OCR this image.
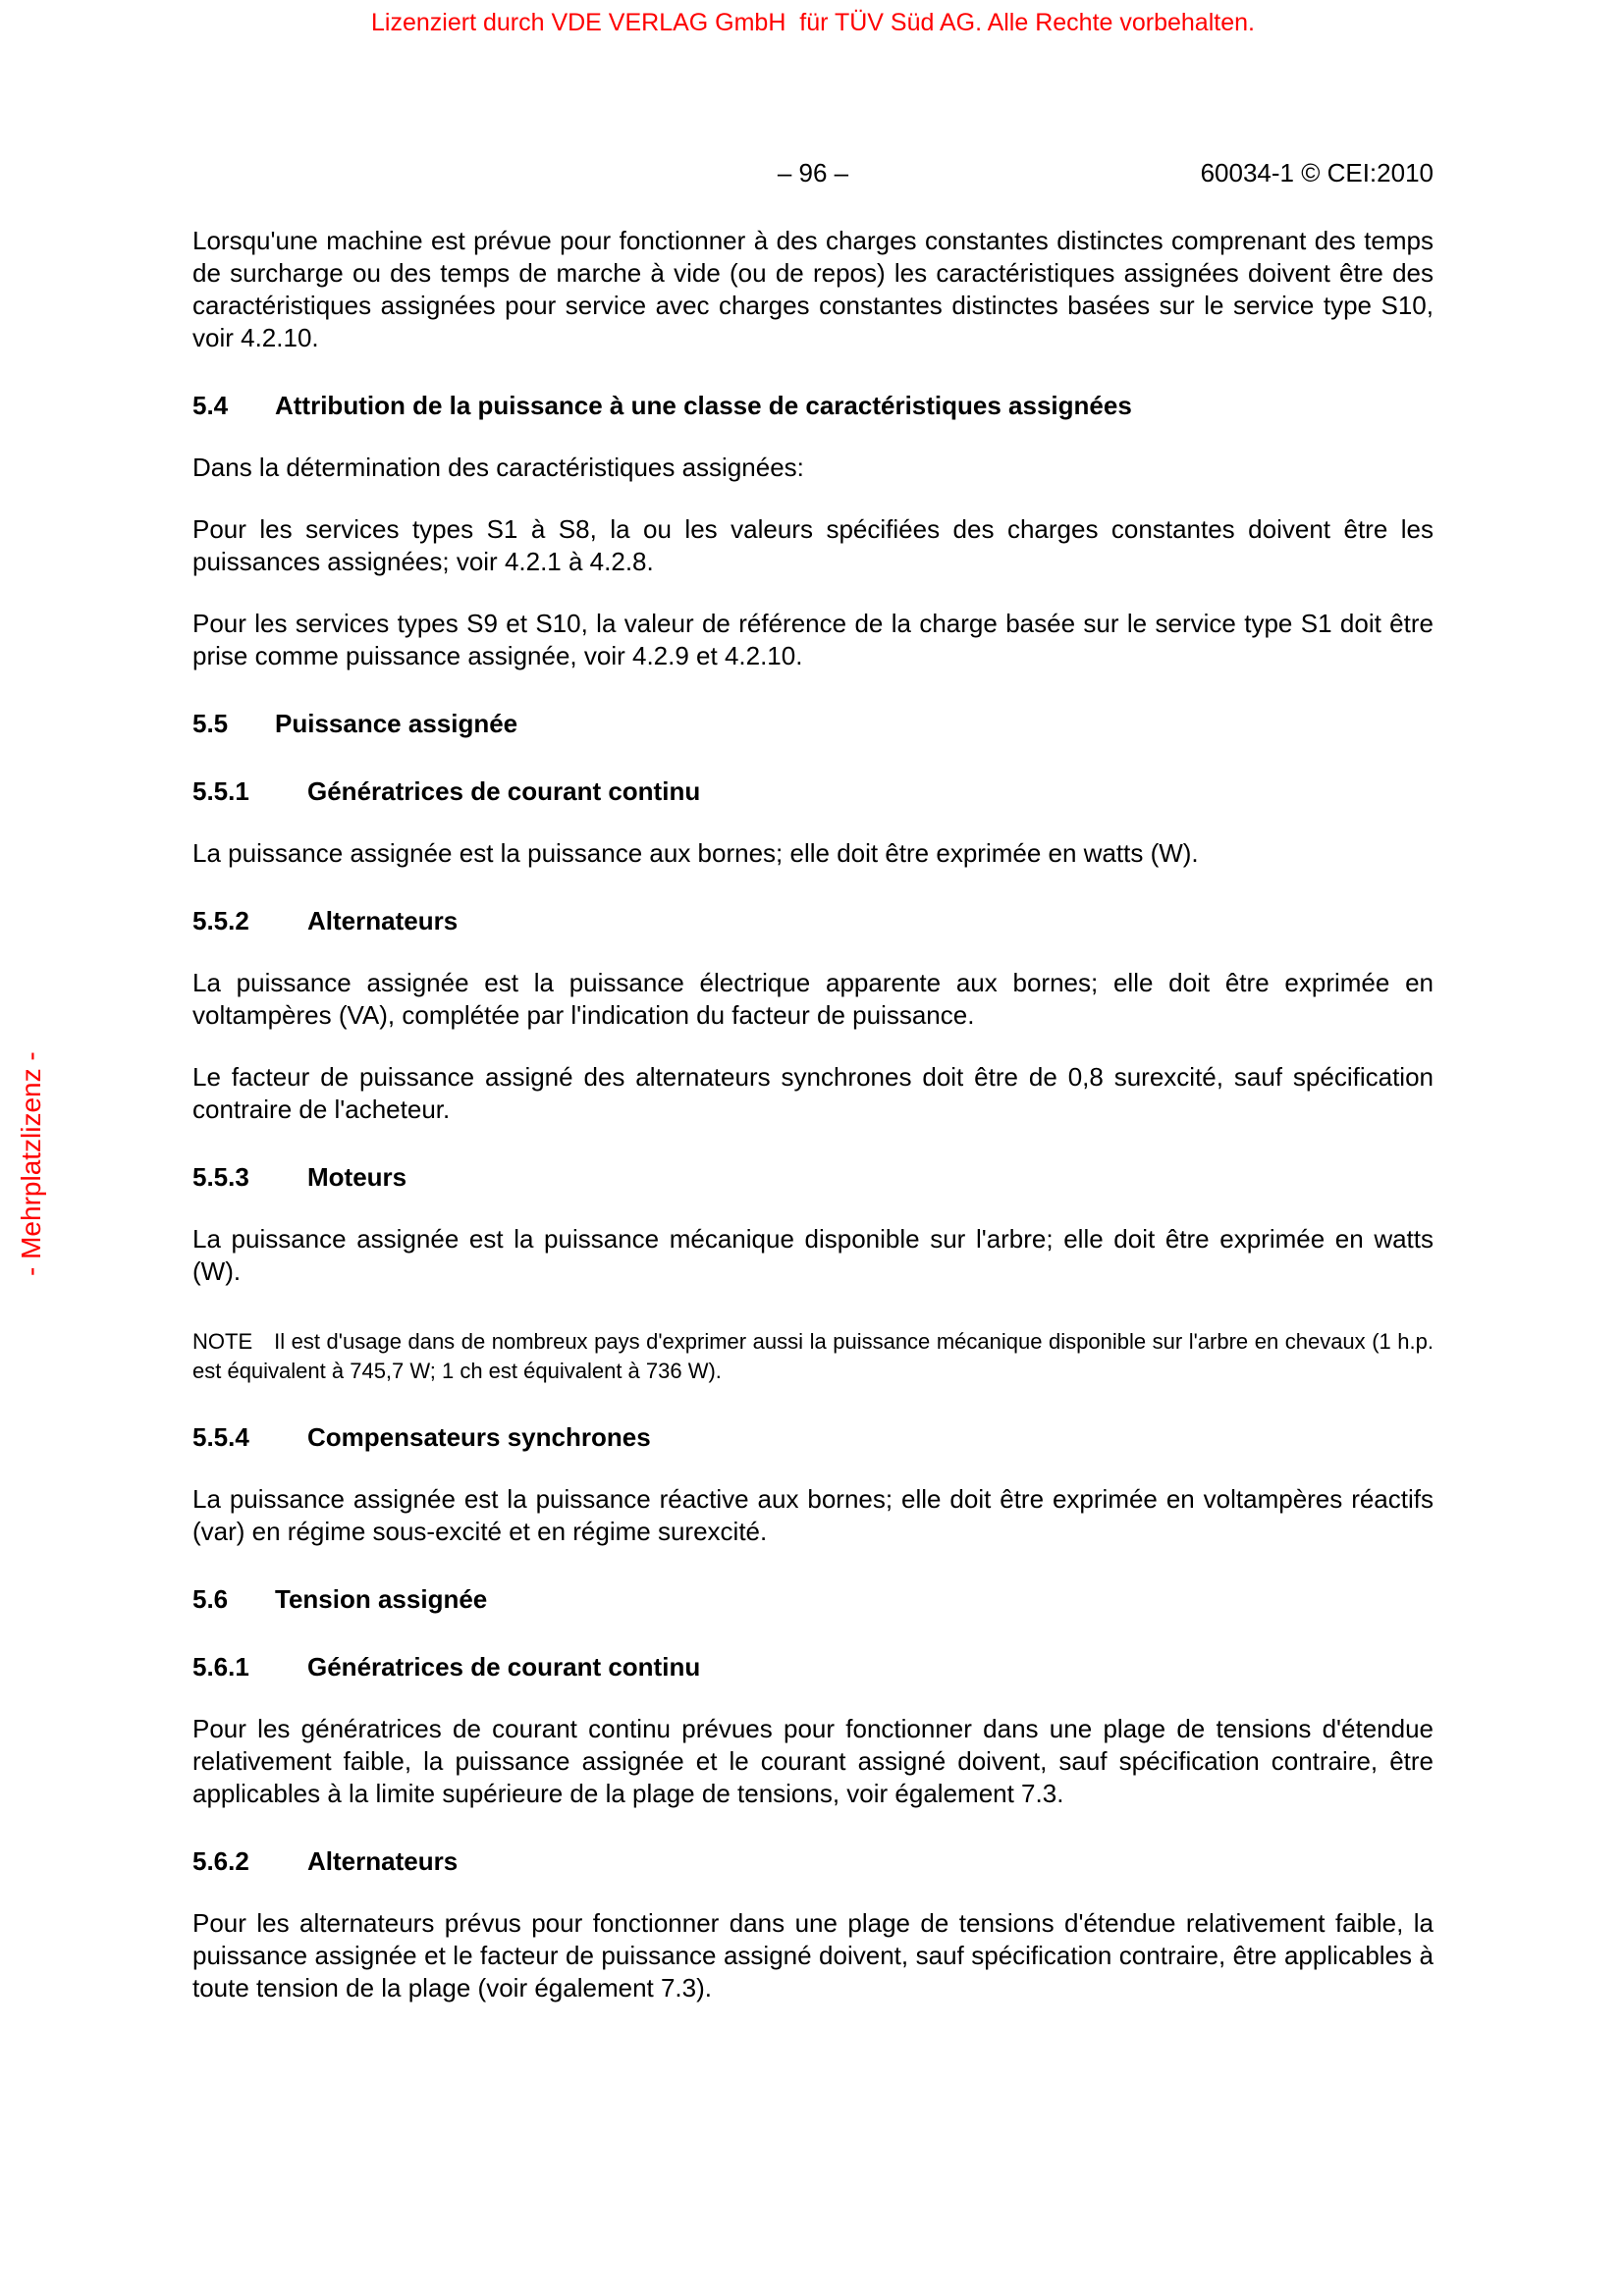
Lizenziert durch VDE VERLAG GmbH  für TÜV Süd AG. Alle Rechte vorbehalten.
- Mehrplatzlizenz -
– 96 –	60034-1 © CEI:2010

Lorsqu'une machine est prévue pour fonctionner à des charges constantes distinctes comprenant des temps de surcharge ou des temps de marche à vide (ou de repos) les caractéristiques assignées doivent être des caractéristiques assignées pour service avec charges constantes distinctes basées sur le service type S10, voir 4.2.10.

5.4	Attribution de la puissance à une classe de caractéristiques assignées

Dans la détermination des caractéristiques assignées:

Pour les services types S1 à S8, la ou les valeurs spécifiées des charges constantes doivent être les puissances assignées; voir 4.2.1 à 4.2.8.

Pour les services types S9 et S10, la valeur de référence de la charge basée sur le service type S1 doit être prise comme puissance assignée, voir 4.2.9 et 4.2.10.

5.5	Puissance assignée
5.5.1	Génératrices de courant continu

La puissance assignée est la puissance aux bornes; elle doit être exprimée en watts (W).

5.5.2	Alternateurs

La puissance assignée est la puissance électrique apparente aux bornes; elle doit être exprimée en voltampères (VA), complétée par l'indication du facteur de puissance.

Le facteur de puissance assigné des alternateurs synchrones doit être de 0,8 surexcité, sauf spécification contraire de l'acheteur.

5.5.3	Moteurs

La puissance assignée est la puissance mécanique disponible sur l'arbre; elle doit être exprimée en watts (W).

NOTE Il est d'usage dans de nombreux pays d'exprimer aussi la puissance mécanique disponible sur l'arbre en chevaux (1 h.p. est équivalent à 745,7 W; 1 ch est équivalent à 736 W).

5.5.4	Compensateurs synchrones

La puissance assignée est la puissance réactive aux bornes; elle doit être exprimée en voltampères réactifs (var) en régime sous-excité et en régime surexcité.

5.6	Tension assignée
5.6.1	Génératrices de courant continu

Pour les génératrices de courant continu prévues pour fonctionner dans une plage de tensions d'étendue relativement faible, la puissance assignée et le courant assigné doivent, sauf spécification contraire, être applicables à la limite supérieure de la plage de tensions, voir également 7.3.

5.6.2	Alternateurs

Pour les alternateurs prévus pour fonctionner dans une plage de tensions d'étendue relativement faible, la puissance assignée et le facteur de puissance assigné doivent, sauf spécification contraire, être applicables à toute tension de la plage (voir également 7.3).
